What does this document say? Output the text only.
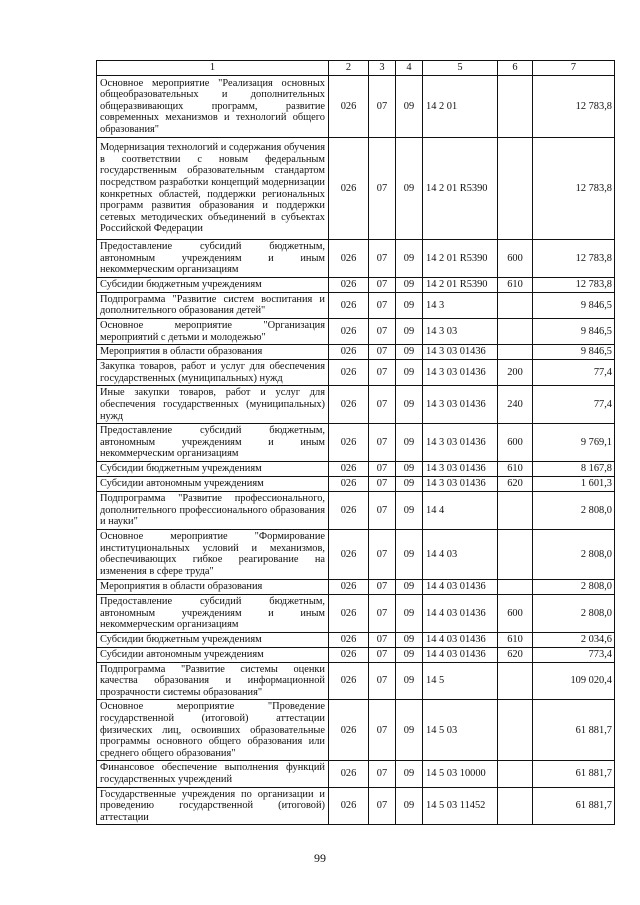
1	2	3	4	5	6	7
Основное мероприятие "Реализация основных общеобразовательных и дополнительных общеразвивающих программ, развитие современных механизмов и технологий общего образования"	026	07	09	14 2 01		12 783,8
Модернизация технологий и содержания обучения в соответствии с новым федеральным государственным образовательным стандартом посредством разработки концепций модернизации конкретных областей, поддержки региональных программ развития образования и поддержки сетевых методических объединений в субъектах Российской Федерации	026	07	09	14 2 01 R5390		12 783,8
Предоставление субсидий бюджетным, автономным учреждениям и иным некоммерческим организациям	026	07	09	14 2 01 R5390	600	12 783,8
Субсидии бюджетным учреждениям	026	07	09	14 2 01 R5390	610	12 783,8
Подпрограмма "Развитие систем воспитания и дополнительного образования детей"	026	07	09	14 3		9 846,5
Основное мероприятие "Организация мероприятий с детьми и молодежью"	026	07	09	14 3 03		9 846,5
Мероприятия в области образования	026	07	09	14 3 03 01436		9 846,5
Закупка товаров, работ и услуг для обеспечения государственных (муниципальных) нужд	026	07	09	14 3 03 01436	200	77,4
Иные закупки товаров, работ и услуг для обеспечения государственных (муниципальных) нужд	026	07	09	14 3 03 01436	240	77,4
Предоставление субсидий бюджетным, автономным учреждениям и иным некоммерческим организациям	026	07	09	14 3 03 01436	600	9 769,1
Субсидии бюджетным учреждениям	026	07	09	14 3 03 01436	610	8 167,8
Субсидии автономным учреждениям	026	07	09	14 3 03 01436	620	1 601,3
Подпрограмма "Развитие профессионального, дополнительного профессионального образования и науки"	026	07	09	14 4		2 808,0
Основное мероприятие "Формирование институциональных условий и механизмов, обеспечивающих гибкое реагирование на изменения в сфере труда"	026	07	09	14 4 03		2 808,0
Мероприятия в области образования	026	07	09	14 4 03 01436		2 808,0
Предоставление субсидий бюджетным, автономным учреждениям и иным некоммерческим организациям	026	07	09	14 4 03 01436	600	2 808,0
Субсидии бюджетным учреждениям	026	07	09	14 4 03 01436	610	2 034,6
Субсидии автономным учреждениям	026	07	09	14 4 03 01436	620	773,4
Подпрограмма "Развитие системы оценки качества образования и информационной прозрачности системы образования"	026	07	09	14 5		109 020,4
Основное мероприятие "Проведение государственной (итоговой) аттестации физических лиц, освоивших образовательные программы основного общего образования или среднего общего образования"	026	07	09	14 5 03		61 881,7
Финансовое обеспечение выполнения функций государственных учреждений	026	07	09	14 5 03 10000		61 881,7
Государственные учреждения по организации и проведению государственной (итоговой) аттестации	026	07	09	14 5 03 11452		61 881,7
99
